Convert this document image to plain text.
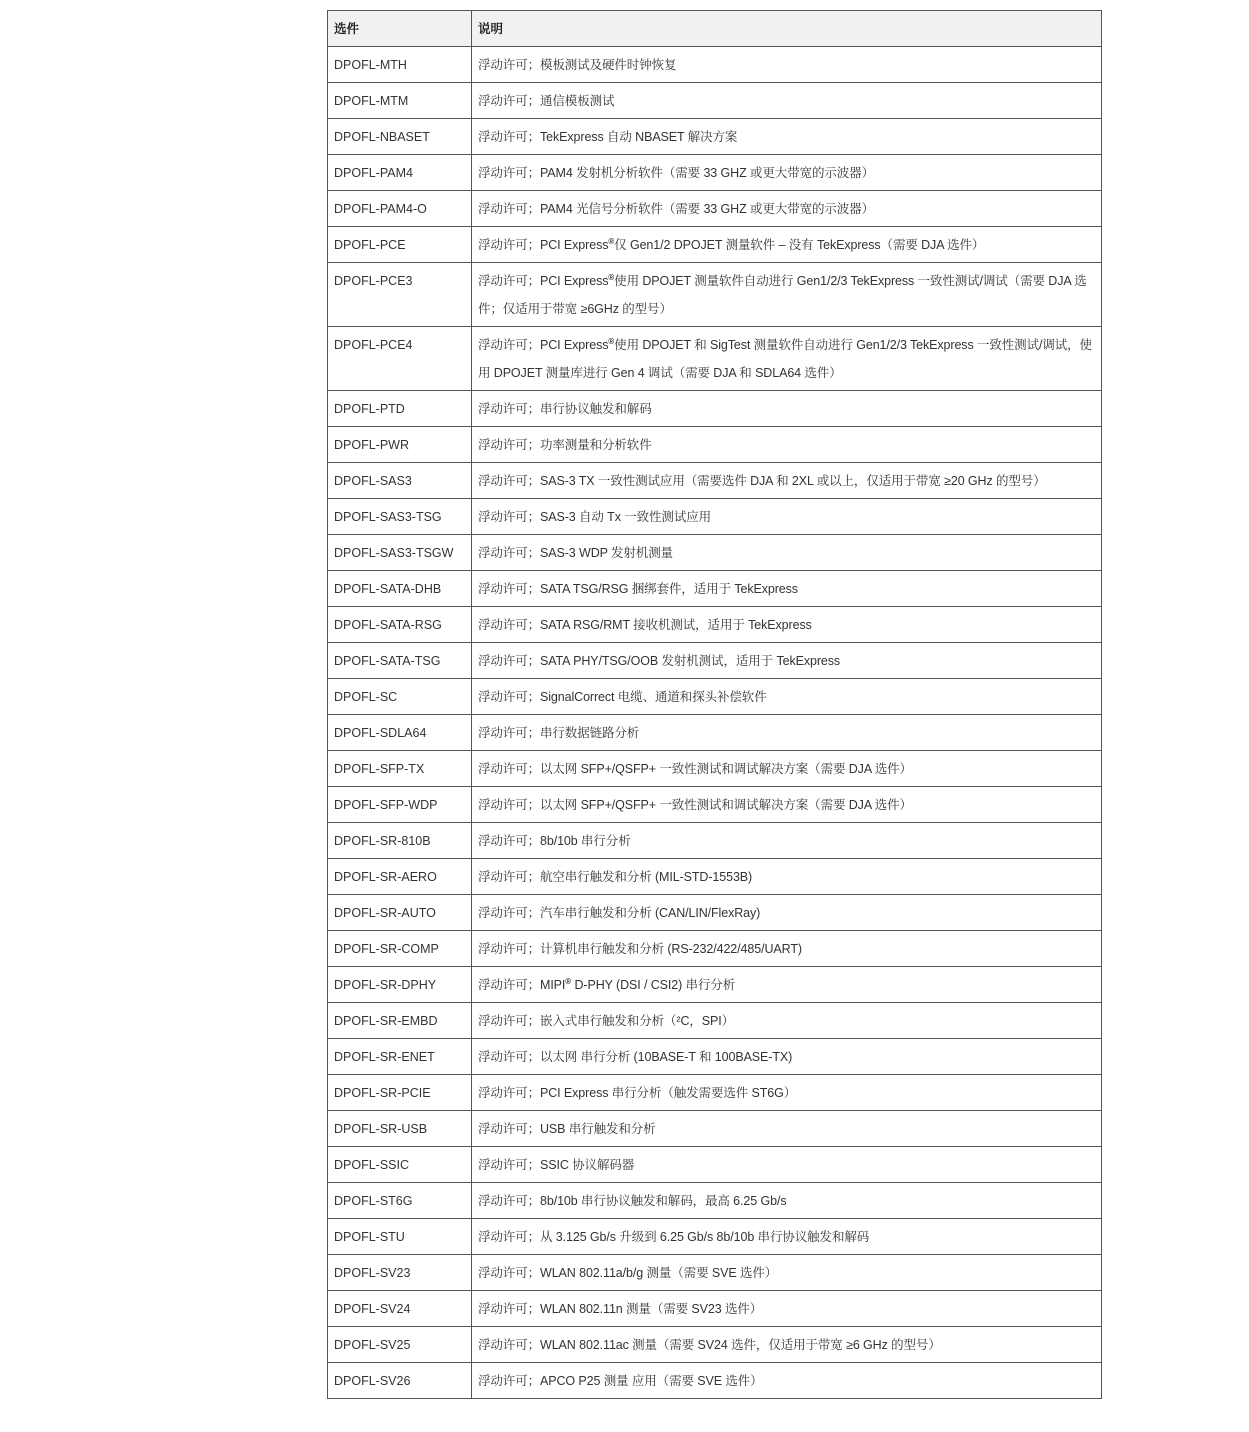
选件	说明
DPOFL-MTH	浮动许可；模板测试及硬件时钟恢复
DPOFL-MTM	浮动许可；通信模板测试
DPOFL-NBASET	浮动许可；TekExpress 自动 NBASET 解决方案
DPOFL-PAM4	浮动许可；PAM4 发射机分析软件（需要 33 GHZ 或更大带宽的示波器）
DPOFL-PAM4-O	浮动许可；PAM4 光信号分析软件（需要 33 GHZ 或更大带宽的示波器）
DPOFL-PCE	浮动许可；PCI Express®仅 Gen1/2 DPOJET 测量软件 – 没有 TekExpress（需要 DJA 选件）
DPOFL-PCE3	浮动许可；PCI Express®使用 DPOJET 测量软件自动进行 Gen1/2/3 TekExpress 一致性测试/调试（需要 DJA 选件；仅适用于带宽 ≥6GHz 的型号）
DPOFL-PCE4	浮动许可；PCI Express®使用 DPOJET 和 SigTest 测量软件自动进行 Gen1/2/3 TekExpress 一致性测试/调试，使用 DPOJET 测量库进行 Gen 4 调试（需要 DJA 和 SDLA64 选件）
DPOFL-PTD	浮动许可；串行协议触发和解码
DPOFL-PWR	浮动许可；功率测量和分析软件
DPOFL-SAS3	浮动许可；SAS-3 TX 一致性测试应用（需要选件 DJA 和 2XL 或以上，仅适用于带宽 ≥20 GHz 的型号）
DPOFL-SAS3-TSG	浮动许可；SAS-3 自动 Tx 一致性测试应用
DPOFL-SAS3-TSGW	浮动许可；SAS-3 WDP 发射机测量
DPOFL-SATA-DHB	浮动许可；SATA TSG/RSG 捆绑套件，适用于 TekExpress
DPOFL-SATA-RSG	浮动许可；SATA RSG/RMT 接收机测试，适用于 TekExpress
DPOFL-SATA-TSG	浮动许可；SATA PHY/TSG/OOB 发射机测试，适用于 TekExpress
DPOFL-SC	浮动许可；SignalCorrect 电缆、通道和探头补偿软件
DPOFL-SDLA64	浮动许可；串行数据链路分析
DPOFL-SFP-TX	浮动许可；以太网 SFP+/QSFP+ 一致性测试和调试解决方案（需要 DJA 选件）
DPOFL-SFP-WDP	浮动许可；以太网 SFP+/QSFP+ 一致性测试和调试解决方案（需要 DJA 选件）
DPOFL-SR-810B	浮动许可；8b/10b 串行分析
DPOFL-SR-AERO	浮动许可；航空串行触发和分析 (MIL-STD-1553B)
DPOFL-SR-AUTO	浮动许可；汽车串行触发和分析 (CAN/LIN/FlexRay)
DPOFL-SR-COMP	浮动许可；计算机串行触发和分析 (RS-232/422/485/UART)
DPOFL-SR-DPHY	浮动许可；MIPI® D-PHY (DSI / CSI2) 串行分析
DPOFL-SR-EMBD	浮动许可；嵌入式串行触发和分析（²C，SPI）
DPOFL-SR-ENET	浮动许可；以太网 串行分析 (10BASE-T 和 100BASE-TX)
DPOFL-SR-PCIE	浮动许可；PCI Express 串行分析（触发需要选件 ST6G）
DPOFL-SR-USB	浮动许可；USB 串行触发和分析
DPOFL-SSIC	浮动许可；SSIC 协议解码器
DPOFL-ST6G	浮动许可；8b/10b 串行协议触发和解码，最高 6.25 Gb/s
DPOFL-STU	浮动许可；从 3.125 Gb/s 升级到 6.25 Gb/s 8b/10b 串行协议触发和解码
DPOFL-SV23	浮动许可；WLAN 802.11a/b/g 测量（需要 SVE 选件）
DPOFL-SV24	浮动许可；WLAN 802.11n 测量（需要 SV23 选件）
DPOFL-SV25	浮动许可；WLAN 802.11ac 测量（需要 SV24 选件，仅适用于带宽 ≥6 GHz 的型号）
DPOFL-SV26	浮动许可；APCO P25 测量 应用（需要 SVE 选件）
